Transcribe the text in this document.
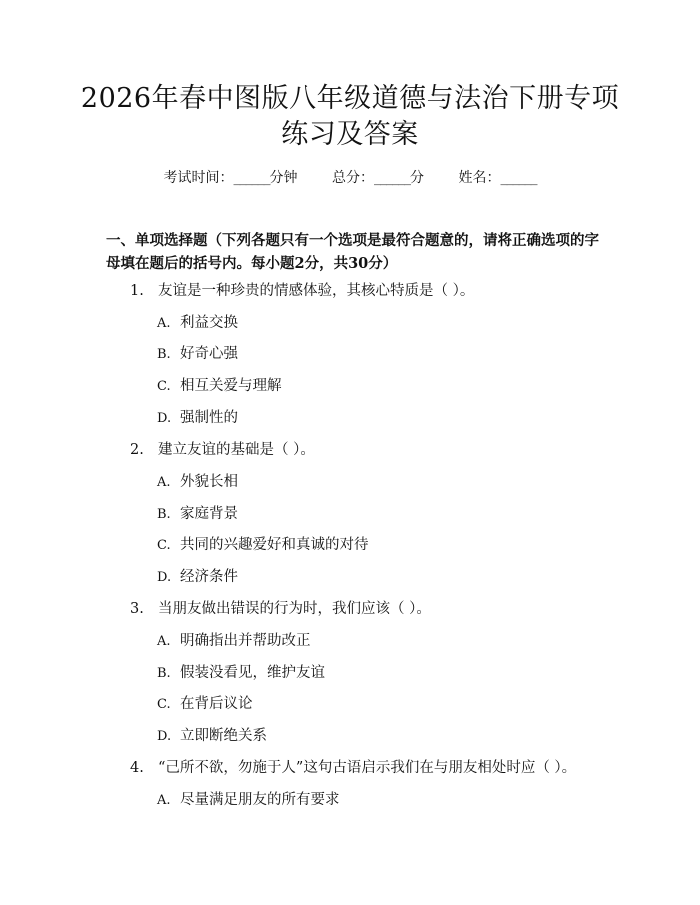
2026年春中图版八年级道德与法治下册专项
练习及答案
考试时间：______分钟 总分：______分 姓名：______
一、单项选择题（下列各题只有一个选项是最符合题意的，请将正确选项的字母填在题后的括号内。每小题2分，共30分）
1. 友谊是一种珍贵的情感体验，其核心特质是（ ）。
A. 利益交换
B. 好奇心强
C. 相互关爱与理解
D. 强制性的
2. 建立友谊的基础是（ ）。
A. 外貌长相
B. 家庭背景
C. 共同的兴趣爱好和真诚的对待
D. 经济条件
3. 当朋友做出错误的行为时，我们应该（ ）。
A. 明确指出并帮助改正
B. 假装没看见，维护友谊
C. 在背后议论
D. 立即断绝关系
4. “己所不欲，勿施于人”这句古语启示我们在与朋友相处时应（ ）。
A. 尽量满足朋友的所有要求
